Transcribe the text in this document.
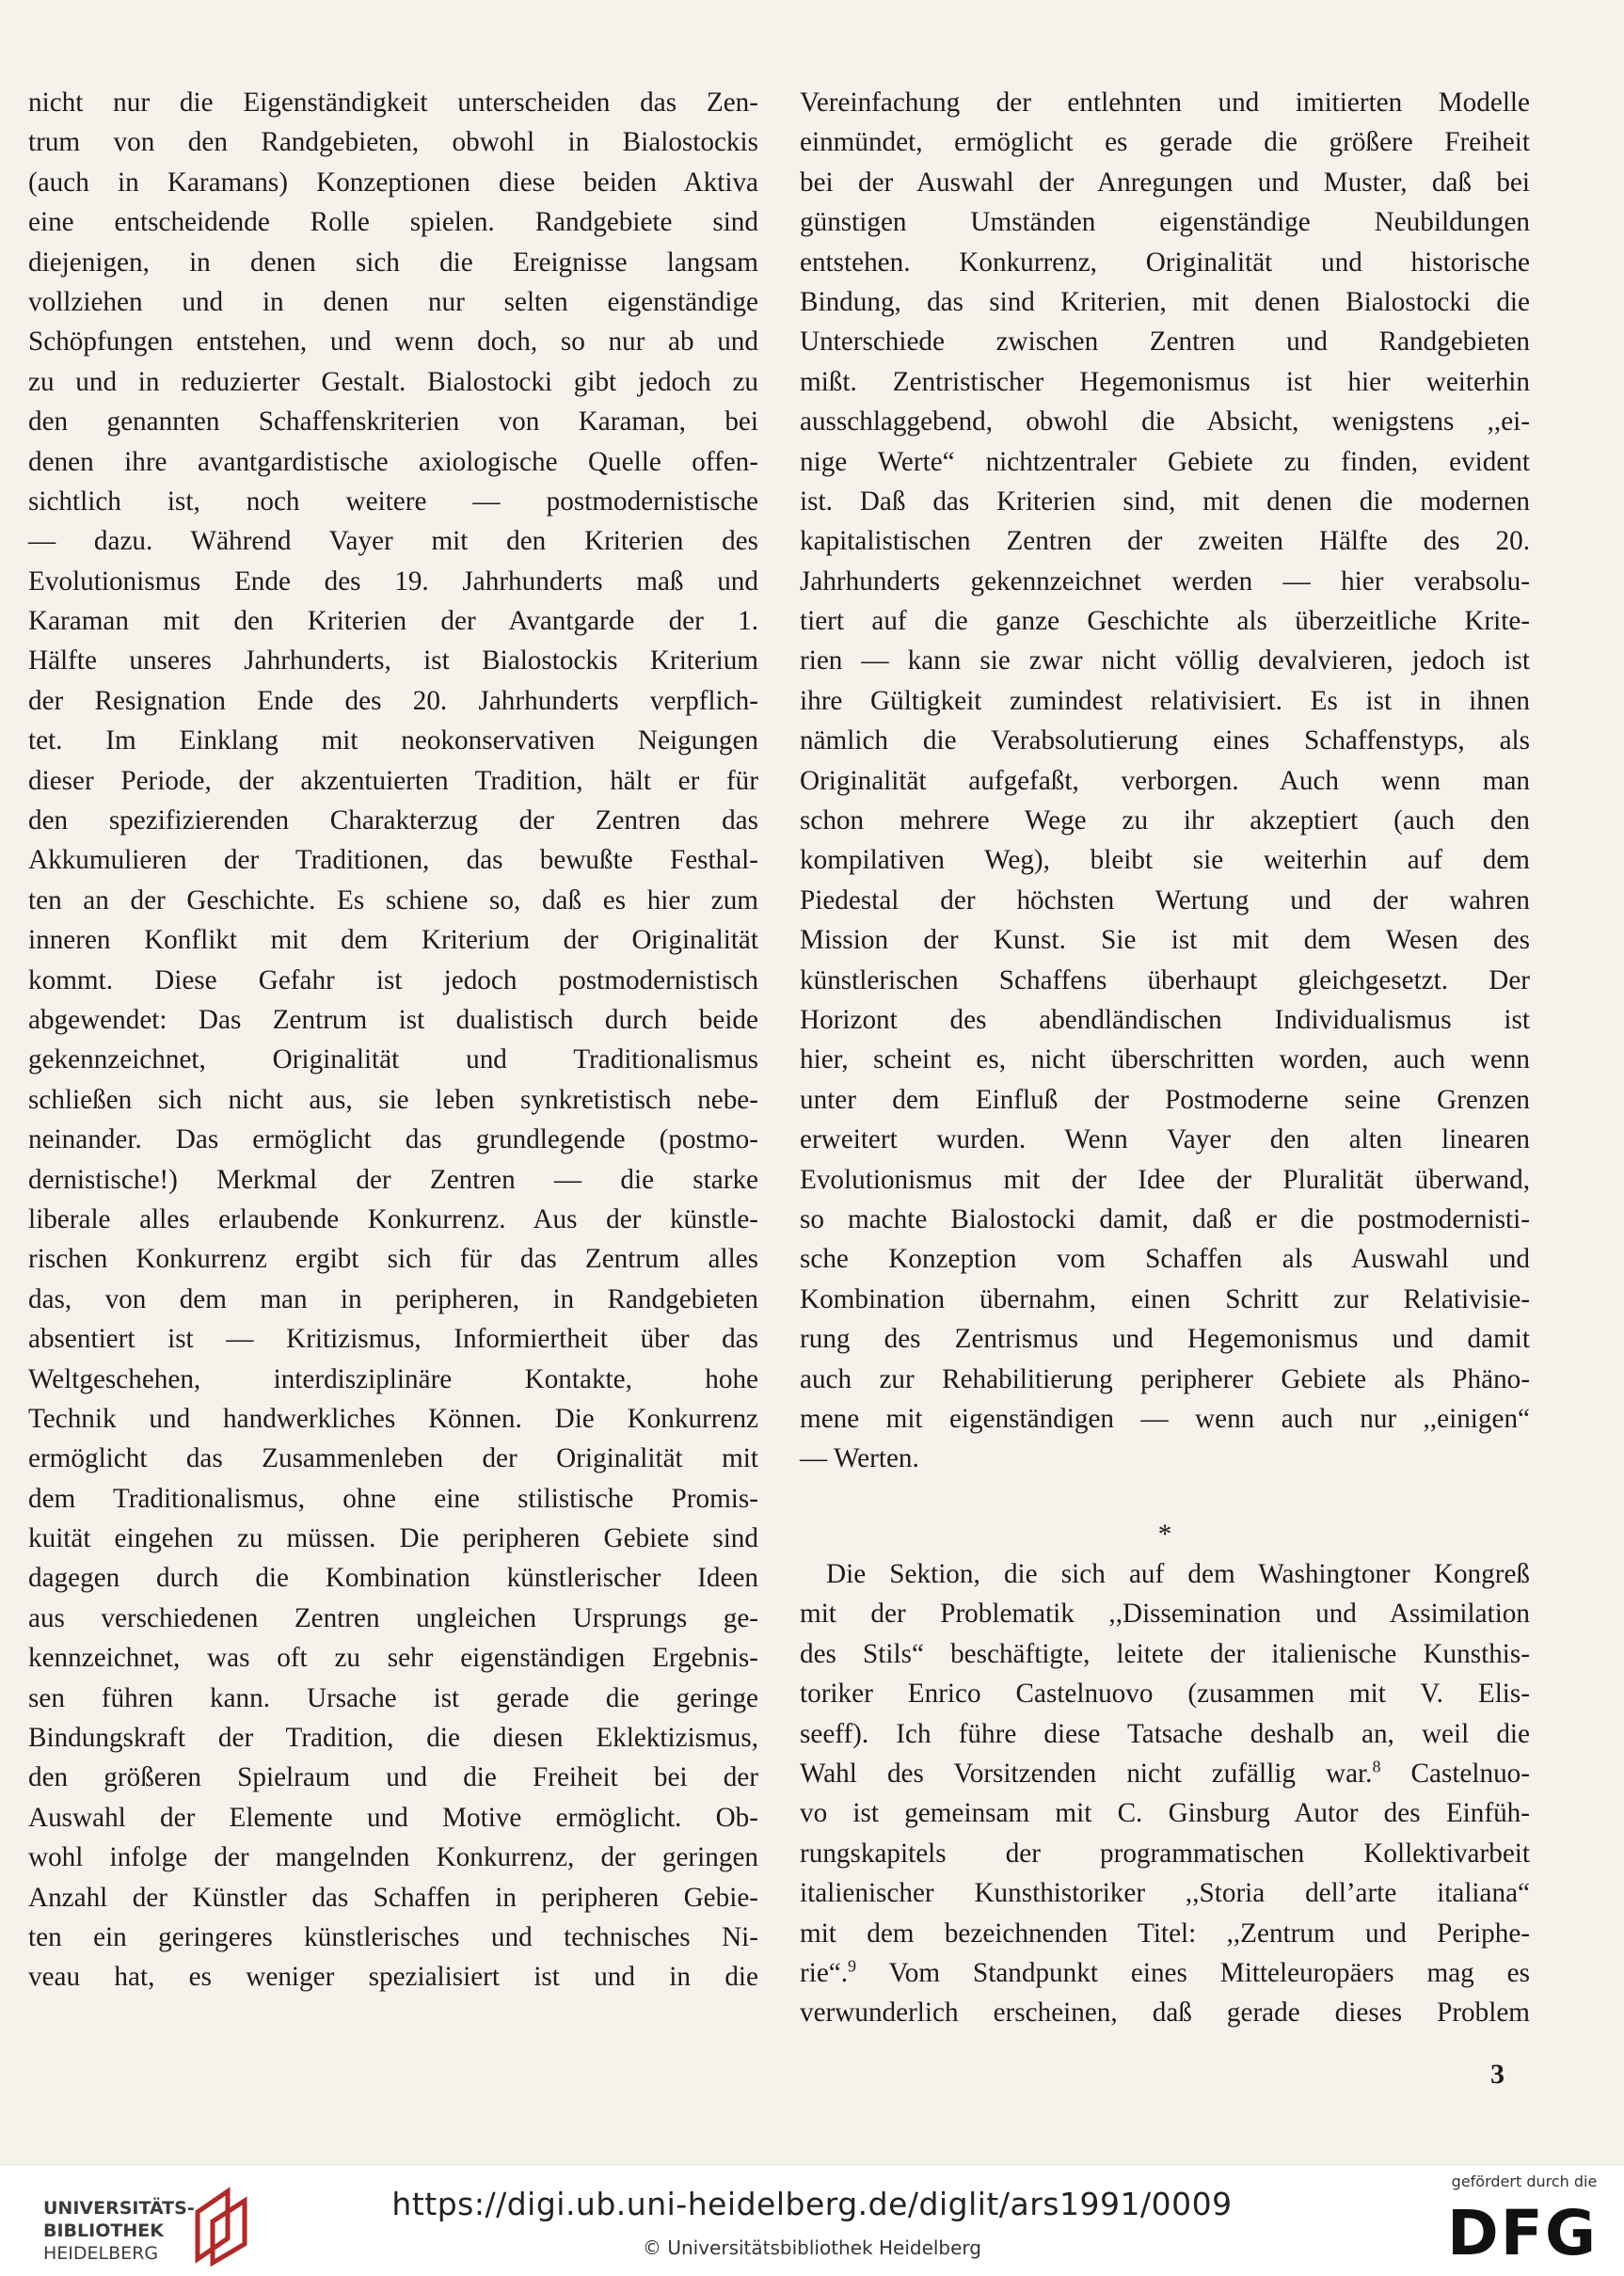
nicht nur die Eigenständigkeit unterscheiden das Zen-
trum von den Randgebieten, obwohl in Bialostockis
(auch in Karamans) Konzeptionen diese beiden Aktiva
eine entscheidende Rolle spielen. Randgebiete sind
diejenigen, in denen sich die Ereignisse langsam
vollziehen und in denen nur selten eigenständige
Schöpfungen entstehen, und wenn doch, so nur ab und
zu und in reduzierter Gestalt. Bialostocki gibt jedoch zu
den genannten Schaffenskriterien von Karaman, bei
denen ihre avantgardistische axiologische Quelle offen-
sichtlich ist, noch weitere — postmodernistische
— dazu. Während Vayer mit den Kriterien des
Evolutionismus Ende des 19. Jahrhunderts maß und
Karaman mit den Kriterien der Avantgarde der 1.
Hälfte unseres Jahrhunderts, ist Bialostockis Kriterium
der Resignation Ende des 20. Jahrhunderts verpflich-
tet. Im Einklang mit neokonservativen Neigungen
dieser Periode, der akzentuierten Tradition, hält er für
den spezifizierenden Charakterzug der Zentren das
Akkumulieren der Traditionen, das bewußte Festhal-
ten an der Geschichte. Es schiene so, daß es hier zum
inneren Konflikt mit dem Kriterium der Originalität
kommt. Diese Gefahr ist jedoch postmodernistisch
abgewendet: Das Zentrum ist dualistisch durch beide
gekennzeichnet, Originalität und Traditionalismus
schließen sich nicht aus, sie leben synkretistisch nebe-
neinander. Das ermöglicht das grundlegende (postmo-
dernistische!) Merkmal der Zentren — die starke
liberale alles erlaubende Konkurrenz. Aus der künstle-
rischen Konkurrenz ergibt sich für das Zentrum alles
das, von dem man in peripheren, in Randgebieten
absentiert ist — Kritizismus, Informiertheit über das
Weltgeschehen, interdisziplinäre Kontakte, hohe
Technik und handwerkliches Können. Die Konkurrenz
ermöglicht das Zusammenleben der Originalität mit
dem Traditionalismus, ohne eine stilistische Promis-
kuität eingehen zu müssen. Die peripheren Gebiete sind
dagegen durch die Kombination künstlerischer Ideen
aus verschiedenen Zentren ungleichen Ursprungs ge-
kennzeichnet, was oft zu sehr eigenständigen Ergebnis-
sen führen kann. Ursache ist gerade die geringe
Bindungskraft der Tradition, die diesen Eklektizismus,
den größeren Spielraum und die Freiheit bei der
Auswahl der Elemente und Motive ermöglicht. Ob-
wohl infolge der mangelnden Konkurrenz, der geringen
Anzahl der Künstler das Schaffen in peripheren Gebie-
ten ein geringeres künstlerisches und technisches Ni-
veau hat, es weniger spezialisiert ist und in die
Vereinfachung der entlehnten und imitierten Modelle
einmündet, ermöglicht es gerade die größere Freiheit
bei der Auswahl der Anregungen und Muster, daß bei
günstigen Umständen eigenständige Neubildungen
entstehen. Konkurrenz, Originalität und historische
Bindung, das sind Kriterien, mit denen Bialostocki die
Unterschiede zwischen Zentren und Randgebieten
mißt. Zentristischer Hegemonismus ist hier weiterhin
ausschlaggebend, obwohl die Absicht, wenigstens ,,ei-
nige Werte“ nichtzentraler Gebiete zu finden, evident
ist. Daß das Kriterien sind, mit denen die modernen
kapitalistischen Zentren der zweiten Hälfte des 20.
Jahrhunderts gekennzeichnet werden — hier verabsolu-
tiert auf die ganze Geschichte als überzeitliche Krite-
rien — kann sie zwar nicht völlig devalvieren, jedoch ist
ihre Gültigkeit zumindest relativisiert. Es ist in ihnen
nämlich die Verabsolutierung eines Schaffenstyps, als
Originalität aufgefaßt, verborgen. Auch wenn man
schon mehrere Wege zu ihr akzeptiert (auch den
kompilativen Weg), bleibt sie weiterhin auf dem
Piedestal der höchsten Wertung und der wahren
Mission der Kunst. Sie ist mit dem Wesen des
künstlerischen Schaffens überhaupt gleichgesetzt. Der
Horizont des abendländischen Individualismus ist
hier, scheint es, nicht überschritten worden, auch wenn
unter dem Einfluß der Postmoderne seine Grenzen
erweitert wurden. Wenn Vayer den alten linearen
Evolutionismus mit der Idee der Pluralität überwand,
so machte Bialostocki damit, daß er die postmodernisti-
sche Konzeption vom Schaffen als Auswahl und
Kombination übernahm, einen Schritt zur Relativisie-
rung des Zentrismus und Hegemonismus und damit
auch zur Rehabilitierung peripherer Gebiete als Phäno-
mene mit eigenständigen — wenn auch nur ,,einigen“
— Werten.
*
Die Sektion, die sich auf dem Washingtoner Kongreß
mit der Problematik ,,Dissemination und Assimilation
des Stils“ beschäftigte, leitete der italienische Kunsthis-
toriker Enrico Castelnuovo (zusammen mit V. Elis-
seeff). Ich führe diese Tatsache deshalb an, weil die
Wahl des Vorsitzenden nicht zufällig war.$^8$ Castelnuo-
vo ist gemeinsam mit C. Ginsburg Autor des Einfüh-
rungskapitels der programmatischen Kollektivarbeit
italienischer Kunsthistoriker ,,Storia dell’arte italiana“
mit dem bezeichnenden Titel: ,,Zentrum und Periphe-
rie“.$^9$ Vom Standpunkt eines Mitteleuropäers mag es
verwunderlich erscheinen, daß gerade dieses Problem
3
UNIVERSITÄTS-
BIBLIOTHEK
HEIDELBERG
https://digi.ub.uni-heidelberg.de/diglit/ars1991/0009
© Universitätsbibliothek Heidelberg
gefördert durch die
DFG
